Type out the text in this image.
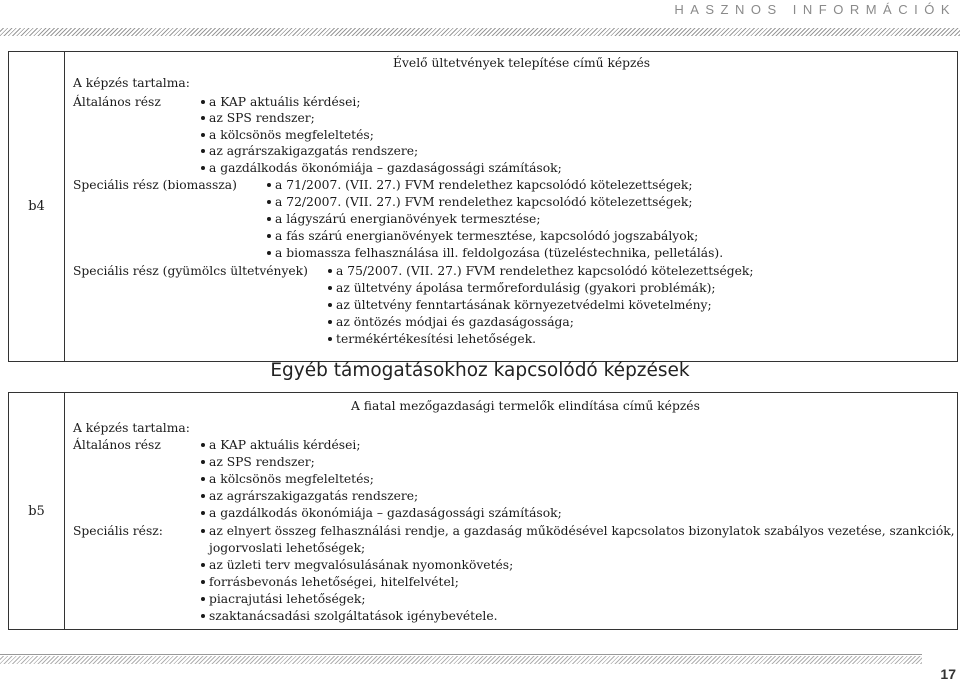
HASZNOS INFORMÁCIÓK
b4
Évelő ültetvények telepítése című képzés
A képzés tartalma:
Általános rész	a KAP aktuális kérdései;
az SPS rendszer;
a kölcsönös megfeleltetés;
az agrárszakigazgatás rendszere;
a gazdálkodás ökonómiája – gazdaságossági számítások;
Speciális rész (biomassza)	a 71/2007. (VII. 27.) FVM rendelethez kapcsolódó kötelezettségek;
a 72/2007. (VII. 27.) FVM rendelethez kapcsolódó kötelezettségek;
a lágyszárú energianövények termesztése;
a fás szárú energianövények termesztése, kapcsolódó jogszabályok;
a biomassza felhasználása ill. feldolgozása (tüzeléstechnika, pelletálás).
Speciális rész (gyümölcs ültetvények) a 75/2007. (VII. 27.) FVM rendelethez kapcsolódó kötelezettségek;
az ültetvény ápolása termőrefordulásig (gyakori problémák);
az ültetvény fenntartásának környezetvédelmi követelmény;
az öntözés módjai és gazdaságossága;
termékértékesítési lehetőségek.
Egyéb támogatásokhoz kapcsolódó képzések
b5
A fiatal mezőgazdasági termelők elindítása című képzés
A képzés tartalma:
Általános rész	a KAP aktuális kérdései;
az SPS rendszer;
a kölcsönös megfeleltetés;
az agrárszakigazgatás rendszere;
a gazdálkodás ökonómiája – gazdaságossági számítások;
Speciális rész:	az elnyert összeg felhasználási rendje, a gazdaság működésével kapcsolatos bizonylatok szabályos vezetése, szankciók,
jogorvoslati lehetőségek;
az üzleti terv megvalósulásának nyomonkövetés;
forrásbevonás lehetőségei, hitelfelvétel;
piacrajutási lehetőségek;
szaktanácsadási szolgáltatások igénybevétele.
17
